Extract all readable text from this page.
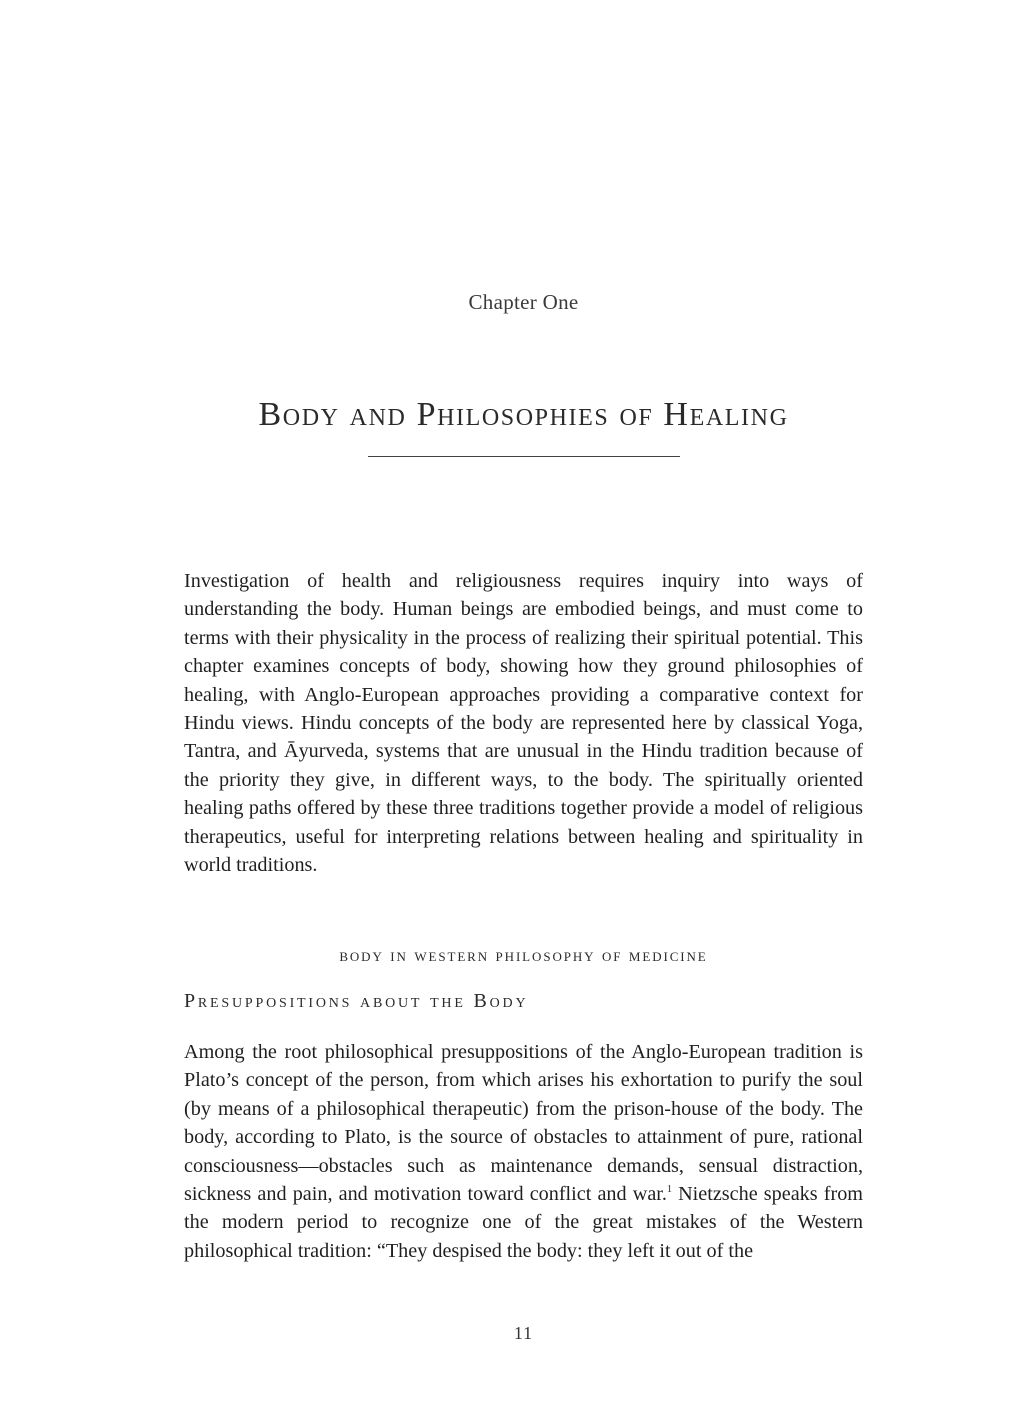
Chapter One
Body and Philosophies of Healing

Investigation of health and religiousness requires inquiry into ways of understanding the body. Human beings are embodied beings, and must come to terms with their physicality in the process of realizing their spiritual potential. This chapter examines concepts of body, showing how they ground philosophies of healing, with Anglo-European approaches providing a comparative context for Hindu views. Hindu concepts of the body are represented here by classical Yoga, Tantra, and Āyurveda, systems that are unusual in the Hindu tradition because of the priority they give, in different ways, to the body. The spiritually oriented healing paths offered by these three traditions together provide a model of religious therapeutics, useful for interpreting relations between healing and spirituality in world traditions.

body in western philosophy of medicine
Presuppositions about the Body

Among the root philosophical presuppositions of the Anglo-European tradition is Plato’s concept of the person, from which arises his exhortation to purify the soul (by means of a philosophical therapeutic) from the prison-house of the body. The body, according to Plato, is the source of obstacles to attainment of pure, rational consciousness—obstacles such as maintenance demands, sensual distraction, sickness and pain, and motivation toward conflict and war.$^1$ Nietzsche speaks from the modern period to recognize one of the great mistakes of the Western philosophical tradition: “They despised the body: they left it out of the

11
